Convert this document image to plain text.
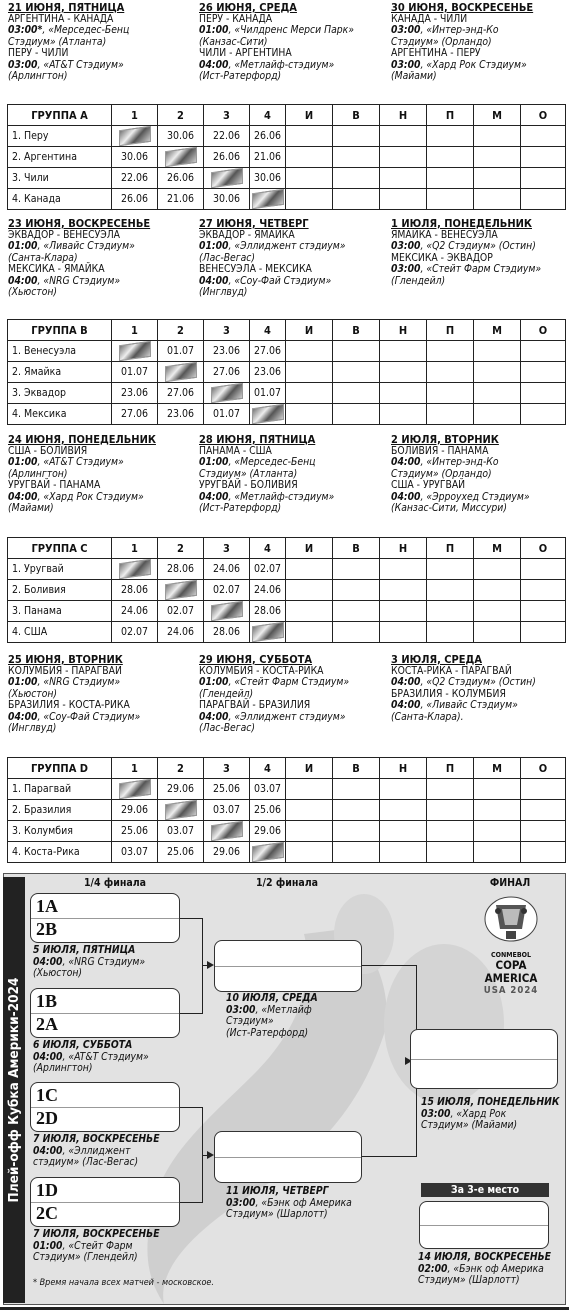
21 ИЮНЯ, ПЯТНИЦА
АРГЕНТИНА - КАНАДА
03:00*, «Мерседес-Бенц
Стэдиум» (Атланта)
ПЕРУ - ЧИЛИ
03:00, «AT&T Стэдиум»
(Арлингтон)
26 ИЮНЯ, СРЕДА
ПЕРУ - КАНАДА
01:00, «Чилдренс Мерси Парк»
(Канзас-Сити)
ЧИЛИ - АРГЕНТИНА
04:00, «Метлайф-стэдиум»
(Ист-Ратерфорд)
30 ИЮНЯ, ВОСКРЕСЕНЬЕ
КАНАДА - ЧИЛИ
03:00, «Интер-энд-Ко
Стэдиум» (Орландо)
АРГЕНТИНА - ПЕРУ
03:00, «Хард Рок Стэдиум»
(Майами)
ГРУППА A	1	2	3	4	И	В	Н	П	М	О
1. Перу		30.06	22.06	26.06						
2. Аргентина	30.06		26.06	21.06						
3. Чили	22.06	26.06		30.06						
4. Канада	26.06	21.06	30.06							
23 ИЮНЯ, ВОСКРЕСЕНЬЕ
ЭКВАДОР - ВЕНЕСУЭЛА
01:00, «Ливайс Стэдиум»
(Санта-Клара)
МЕКСИКА - ЯМАЙКА
04:00, «NRG Стэдиум»
(Хьюстон)
27 ИЮНЯ, ЧЕТВЕРГ
ЭКВАДОР - ЯМАЙКА
01:00, «Эллиджент стэдиум»
(Лас-Вегас)
ВЕНЕСУЭЛА - МЕКСИКА
04:00, «Соу-Фай Стэдиум»
(Инглвуд)
1 ИЮЛЯ, ПОНЕДЕЛЬНИК
ЯМАЙКА - ВЕНЕСУЭЛА
03:00, «Q2 Стэдиум» (Остин)
МЕКСИКА - ЭКВАДОР
03:00, «Стейт Фарм Стэдиум»
(Глендейл)
ГРУППА B	1	2	3	4	И	В	Н	П	М	О
1. Венесуэла		01.07	23.06	27.06						
2. Ямайка	01.07		27.06	23.06						
3. Эквадор	23.06	27.06		01.07						
4. Мексика	27.06	23.06	01.07							
24 ИЮНЯ, ПОНЕДЕЛЬНИК
США - БОЛИВИЯ
01:00, «AT&T Стэдиум»
(Арлингтон)
УРУГВАЙ - ПАНАМА
04:00, «Хард Рок Стэдиум»
(Майами)
28 ИЮНЯ, ПЯТНИЦА
ПАНАМА - США
01:00, «Мерседес-Бенц
Стэдиум» (Атланта)
УРУГВАЙ - БОЛИВИЯ
04:00, «Метлайф-стэдиум»
(Ист-Ратерфорд)
2 ИЮЛЯ, ВТОРНИК
БОЛИВИЯ - ПАНАМА
04:00, «Интер-энд-Ко
Стэдиум» (Орландо)
США - УРУГВАЙ
04:00, «Эрроухед Стэдиум»
(Канзас-Сити, Миссури)
ГРУППА C	1	2	3	4	И	В	Н	П	М	О
1. Уругвай		28.06	24.06	02.07						
2. Боливия	28.06		02.07	24.06						
3. Панама	24.06	02.07		28.06						
4. США	02.07	24.06	28.06							
25 ИЮНЯ, ВТОРНИК
КОЛУМБИЯ - ПАРАГВАЙ
01:00, «NRG Стэдиум»
(Хьюстон)
БРАЗИЛИЯ - КОСТА-РИКА
04:00, «Соу-Фай Стэдиум»
(Инглвуд)
29 ИЮНЯ, СУББОТА
КОЛУМБИЯ - КОСТА-РИКА
01:00, «Стейт Фарм Стэдиум»
(Глендейл)
ПАРАГВАЙ - БРАЗИЛИЯ
04:00, «Эллиджент стэдиум»
(Лас-Вегас)
3 ИЮЛЯ, СРЕДА
КОСТА-РИКА - ПАРАГВАЙ
04:00, «Q2 Стэдиум» (Остин)
БРАЗИЛИЯ - КОЛУМБИЯ
04:00, «Ливайс Стэдиум»
(Санта-Клара).
ГРУППА D	1	2	3	4	И	В	Н	П	М	О
1. Парагвай		29.06	25.06	03.07						
2. Бразилия	29.06		03.07	25.06						
3. Колумбия	25.06	03.07		29.06						
4. Коста-Рика	03.07	25.06	29.06							
Плей-офф Кубка Америки-2024
1/4 финала	1/2 финала	ФИНАЛ
1A
2B
5 ИЮЛЯ, ПЯТНИЦА
04:00, «NRG Стэдиум»
(Хьюстон)
1B
2A
6 ИЮЛЯ, СУББОТА
04:00, «AT&T Стэдиум»
(Арлингтон)
1C
2D
7 ИЮЛЯ, ВОСКРЕСЕНЬЕ
04:00, «Эллиджент
стэдиум» (Лас-Вегас)
1D
2C
7 ИЮЛЯ, ВОСКРЕСЕНЬЕ
01:00, «Стейт Фарм
Стэдиум» (Глендейл)
10 ИЮЛЯ, СРЕДА
03:00, «Метлайф
Стэдиум»
(Ист-Ратерфорд)
11 ИЮЛЯ, ЧЕТВЕРГ
03:00, «Бэнк оф Америка
Стэдиум» (Шарлотт)
15 ИЮЛЯ, ПОНЕДЕЛЬНИК
03:00, «Хард Рок
Стэдиум» (Майами)
CONMEBOL
COPA AMERICA
USA 2024
За 3-е место
14 ИЮЛЯ, ВОСКРЕСЕНЬЕ
02:00, «Бэнк оф Америка
Стэдиум» (Шарлотт)
* Время начала всех матчей - московское.
